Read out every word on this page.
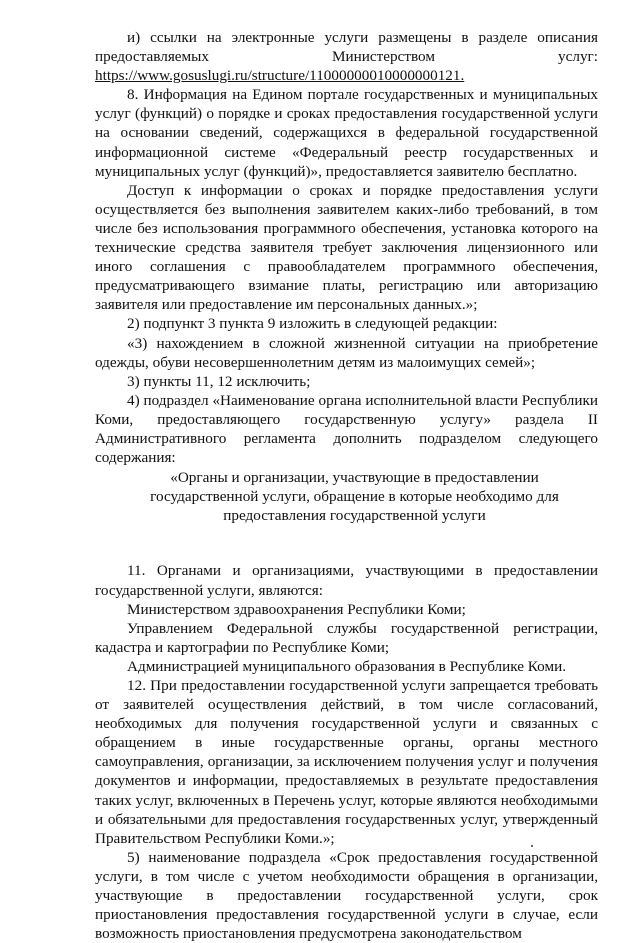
и) ссылки на электронные услуги размещены в разделе описания

предоставляемых Министерством услуг:

https://www.gosuslugi.ru/structure/11000000010000000121.

8. Информация на Едином портале государственных и муниципальных услуг (функций) о порядке и сроках предоставления государственной услуги на основании сведений, содержащихся в федеральной государственной информационной системе «Федеральный реестр государственных и муниципальных услуг (функций)», предоставляется заявителю бесплатно.

Доступ к информации о сроках и порядке предоставления услуги осуществляется без выполнения заявителем каких-либо требований, в том числе без использования программного обеспечения, установка которого на технические средства заявителя требует заключения лицензионного или иного соглашения с правообладателем программного обеспечения, предусматривающего взимание платы, регистрацию или авторизацию заявителя или предоставление им персональных данных.»;

2) подпункт 3 пункта 9 изложить в следующей редакции:

«3) нахождением в сложной жизненной ситуации на приобретение одежды, обуви несовершеннолетним детям из малоимущих семей»;

3) пункты 11, 12 исключить;

4) подраздел «Наименование органа исполнительной власти Республики Коми, предоставляющего государственную услугу» раздела II Административного регламента дополнить подразделом следующего содержания:

«Органы и организации, участвующие в предоставлении государственной услуги, обращение в которые необходимо для предоставления государственной услуги

11. Органами и организациями, участвующими в предоставлении государственной услуги, являются:

Министерством здравоохранения Республики Коми;

Управлением Федеральной службы государственной регистрации, кадастра и картографии по Республике Коми;

Администрацией муниципального образования в Республике Коми.

12. При предоставлении государственной услуги запрещается требовать от заявителей осуществления действий, в том числе согласований, необходимых для получения государственной услуги и связанных с обращением в иные государственные органы, органы местного самоуправления, организации, за исключением получения услуг и получения документов и информации, предоставляемых в результате предоставления таких услуг, включенных в Перечень услуг, которые являются необходимыми и обязательными для предоставления государственных услуг, утвержденный Правительством Республики Коми.»;

5) наименование подраздела «Срок предоставления государственной услуги, в том числе с учетом необходимости обращения в организации, участвующие в предоставлении государственной услуги, срок приостановления предоставления государственной услуги в случае, если возможность приостановления предусмотрена законодательством
